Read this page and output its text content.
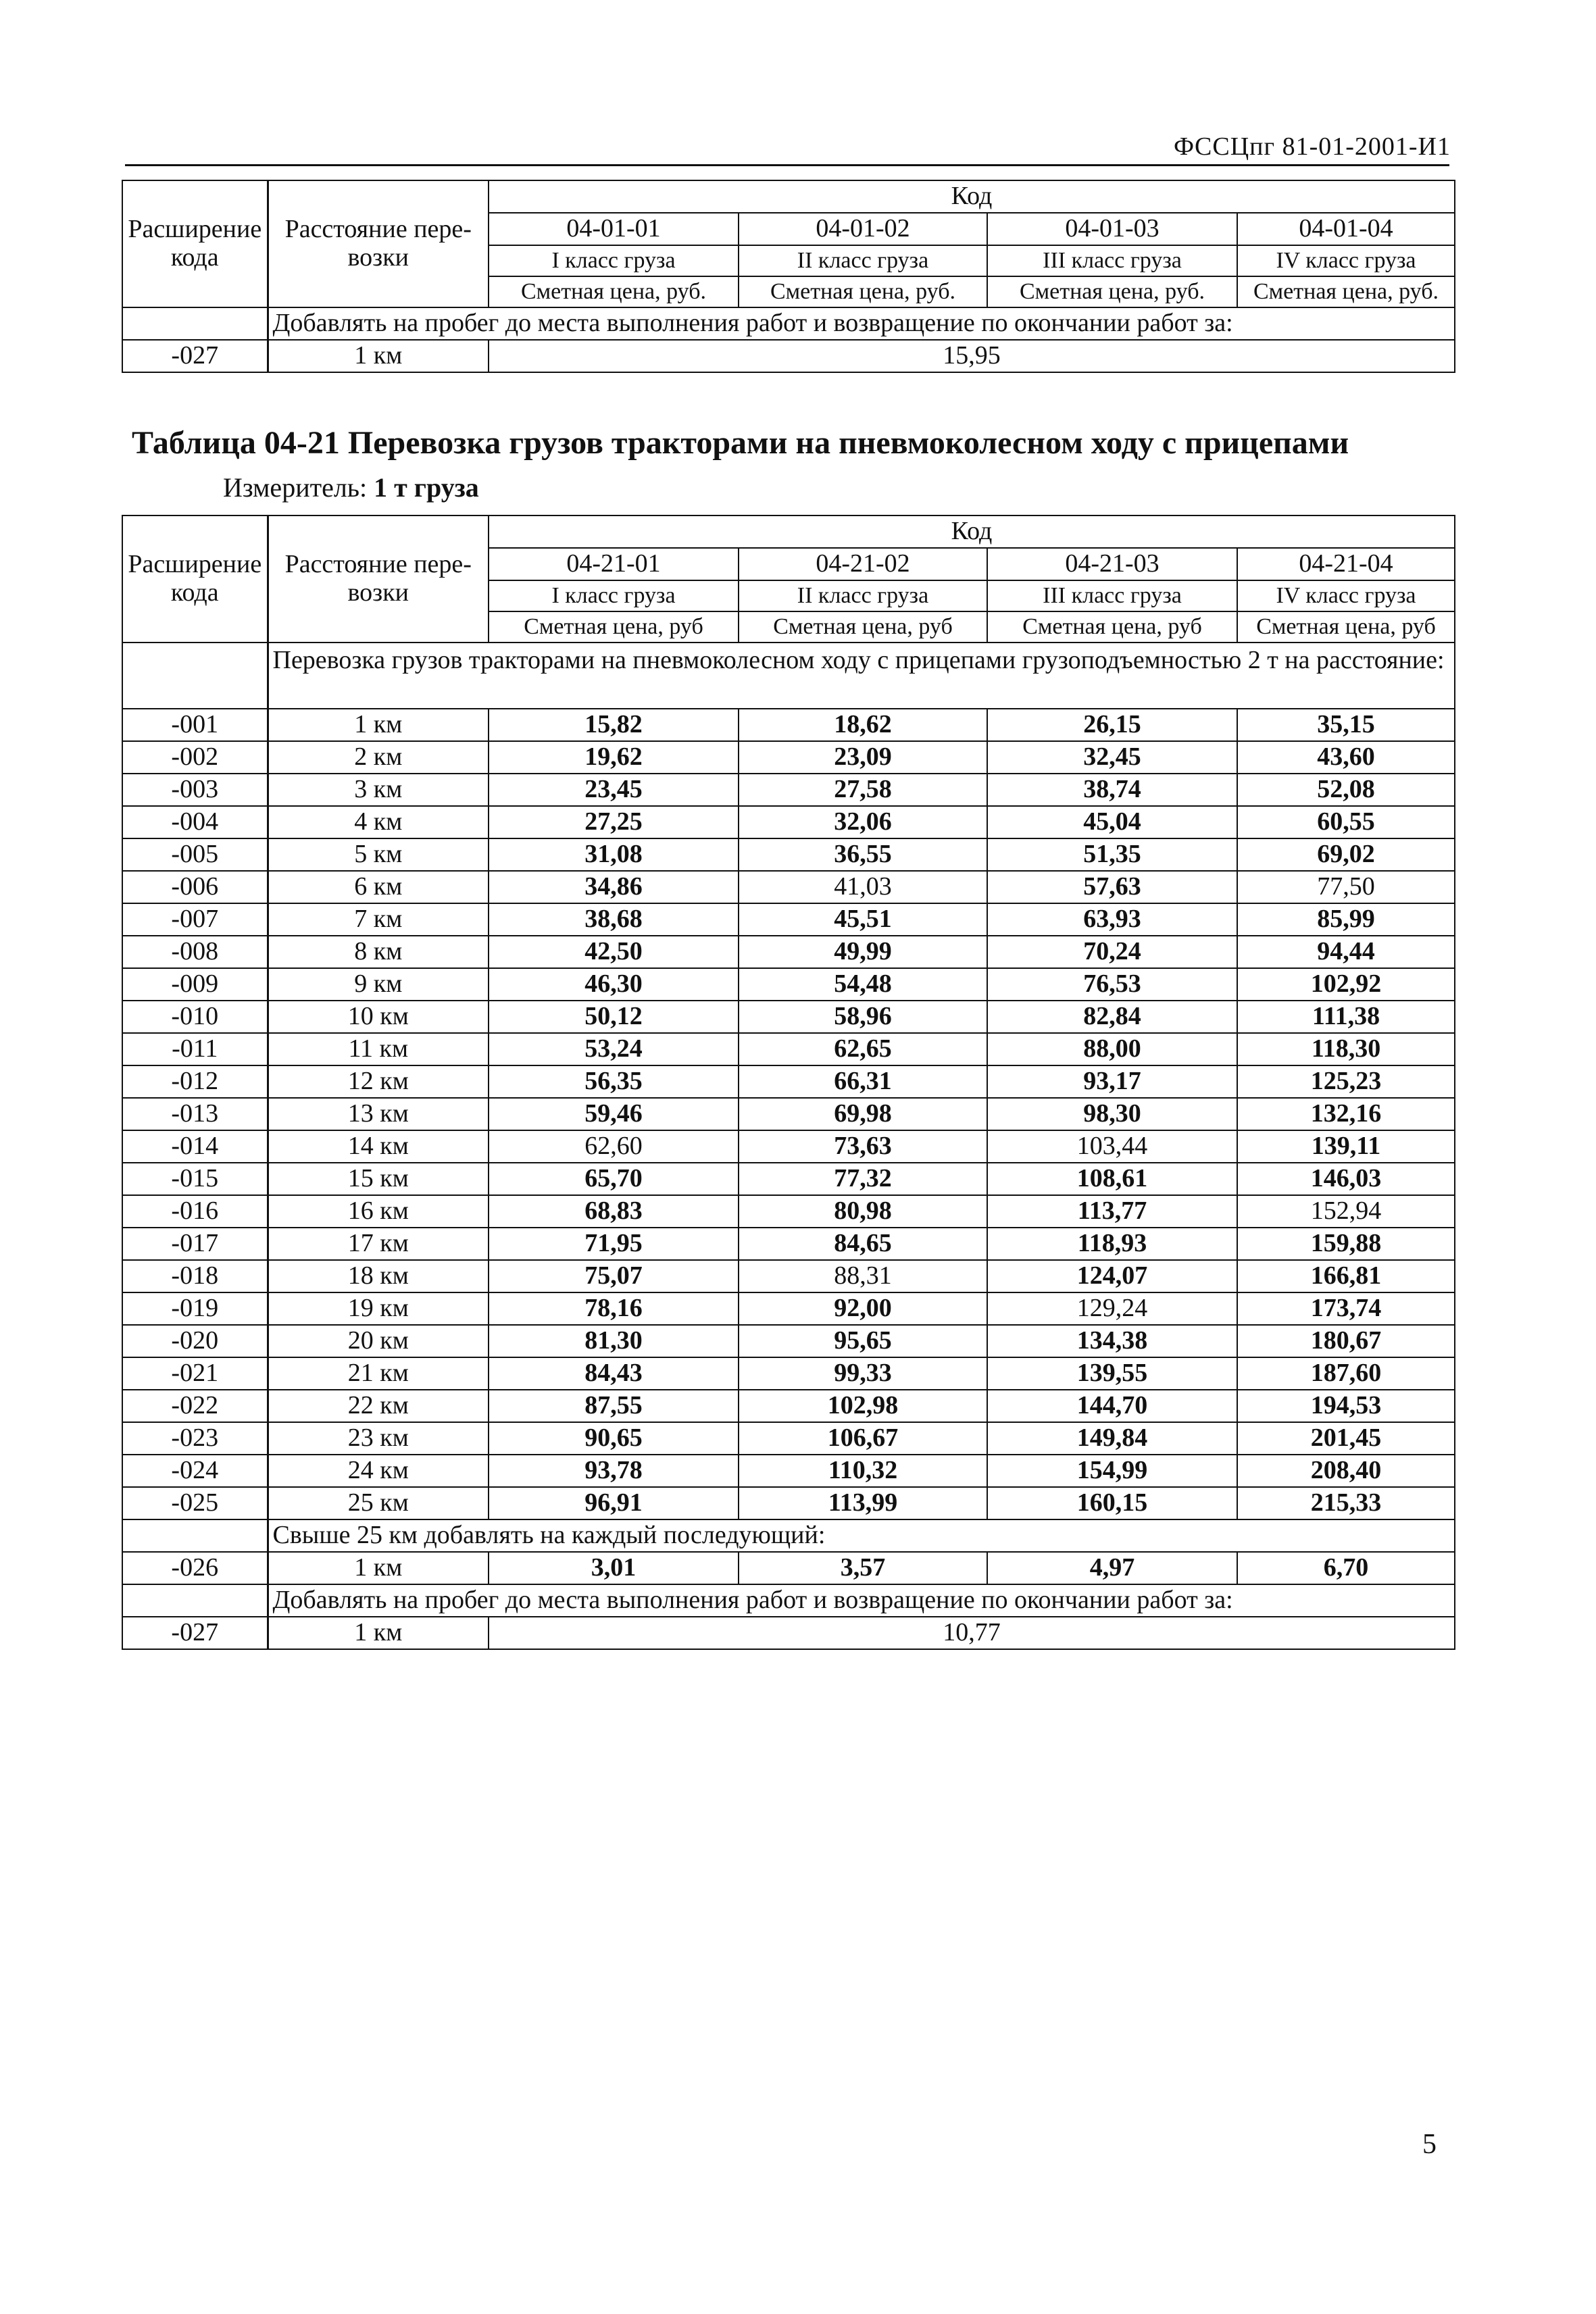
ФССЦпг 81-01-2001-И1
Расширение кода	Расстояние пере-возки	Код			
		04-01-01	04-01-02	04-01-03	04-01-04
		I класс груза	II класс груза	III класс груза	IV класс груза
		Сметная цена, руб.	Сметная цена, руб.	Сметная цена, руб.	Сметная цена, руб.
	Добавлять на пробег до места выполнения работ и возвращение по окончании работ за:				
-027	1 км	15,95			
Таблица 04-21 Перевозка грузов тракторами на пневмоколесном ходу с прицепами
Измеритель: 1 т груза
Расширение кода	Расстояние пере-возки	Код			
		04-21-01	04-21-02	04-21-03	04-21-04
		I класс груза	II класс груза	III класс груза	IV класс груза
		Сметная цена, руб	Сметная цена, руб	Сметная цена, руб	Сметная цена, руб
	Перевозка грузов тракторами на пневмоколесном ходу с прицепами грузоподъемностью 2 т на расстояние:				
-001	1 км	15,82	18,62	26,15	35,15
-002	2 км	19,62	23,09	32,45	43,60
-003	3 км	23,45	27,58	38,74	52,08
-004	4 км	27,25	32,06	45,04	60,55
-005	5 км	31,08	36,55	51,35	69,02
-006	6 км	34,86	41,03	57,63	77,50
-007	7 км	38,68	45,51	63,93	85,99
-008	8 км	42,50	49,99	70,24	94,44
-009	9 км	46,30	54,48	76,53	102,92
-010	10 км	50,12	58,96	82,84	111,38
-011	11 км	53,24	62,65	88,00	118,30
-012	12 км	56,35	66,31	93,17	125,23
-013	13 км	59,46	69,98	98,30	132,16
-014	14 км	62,60	73,63	103,44	139,11
-015	15 км	65,70	77,32	108,61	146,03
-016	16 км	68,83	80,98	113,77	152,94
-017	17 км	71,95	84,65	118,93	159,88
-018	18 км	75,07	88,31	124,07	166,81
-019	19 км	78,16	92,00	129,24	173,74
-020	20 км	81,30	95,65	134,38	180,67
-021	21 км	84,43	99,33	139,55	187,60
-022	22 км	87,55	102,98	144,70	194,53
-023	23 км	90,65	106,67	149,84	201,45
-024	24 км	93,78	110,32	154,99	208,40
-025	25 км	96,91	113,99	160,15	215,33
	Свыше 25 км добавлять на каждый последующий:				
-026	1 км	3,01	3,57	4,97	6,70
	Добавлять на пробег до места выполнения работ и возвращение по окончании работ за:				
-027	1 км	10,77			
5
